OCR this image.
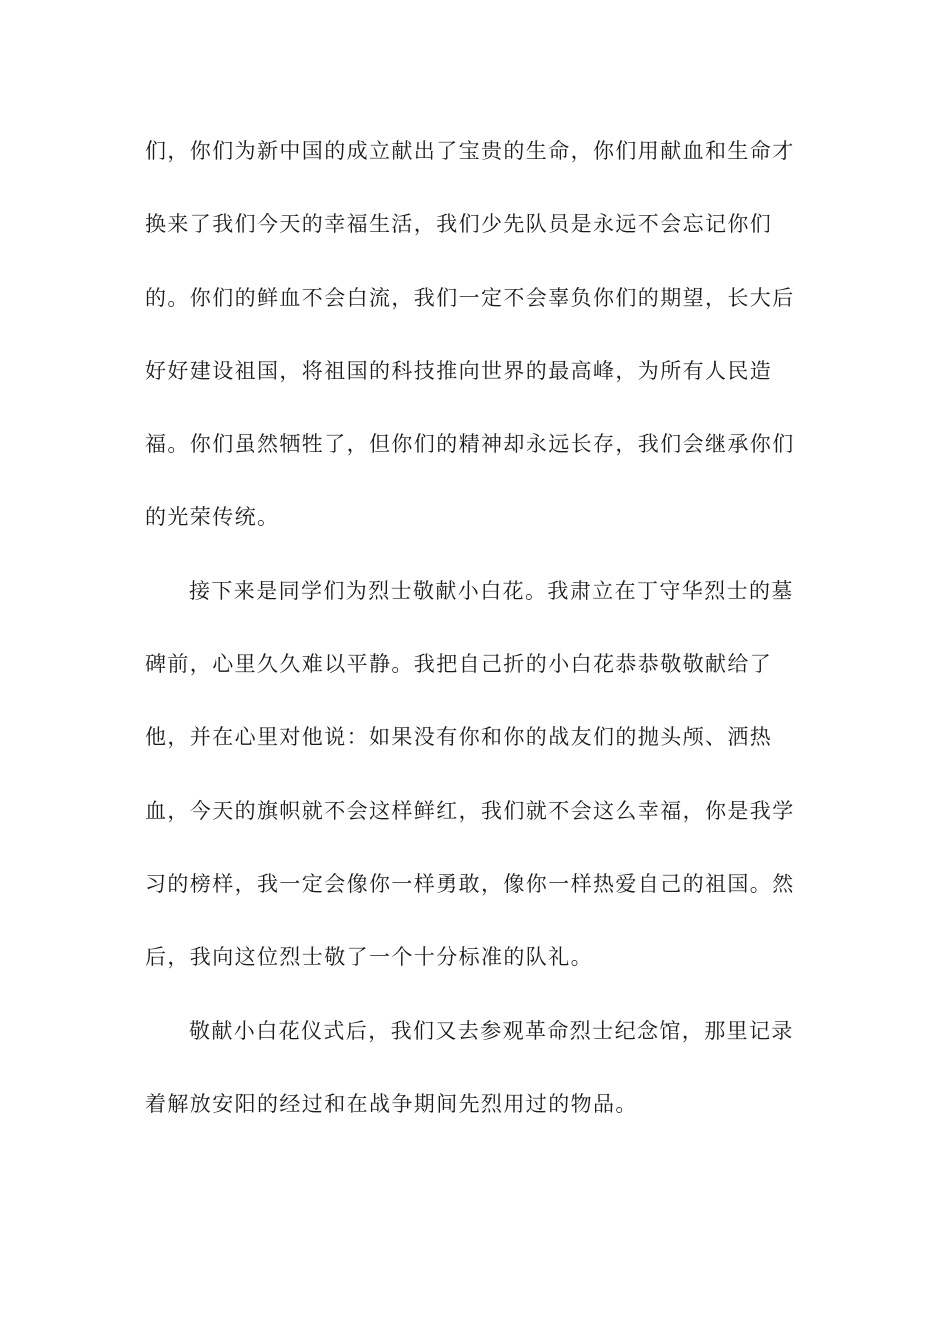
们，你们为新中国的成立献出了宝贵的生命，你们用献血和生命才
换来了我们今天的幸福生活，我们少先队员是永远不会忘记你们
的。你们的鲜血不会白流，我们一定不会辜负你们的期望，长大后
好好建设祖国，将祖国的科技推向世界的最高峰，为所有人民造
福。你们虽然牺牲了，但你们的精神却永远长存，我们会继承你们
的光荣传统。
接下来是同学们为烈士敬献小白花。我肃立在丁守华烈士的墓
碑前，心里久久难以平静。我把自己折的小白花恭恭敬敬献给了
他，并在心里对他说：如果没有你和你的战友们的抛头颅、洒热
血，今天的旗帜就不会这样鲜红，我们就不会这么幸福，你是我学
习的榜样，我一定会像你一样勇敢，像你一样热爱自己的祖国。然
后，我向这位烈士敬了一个十分标准的队礼。
敬献小白花仪式后，我们又去参观革命烈士纪念馆，那里记录
着解放安阳的经过和在战争期间先烈用过的物品。
